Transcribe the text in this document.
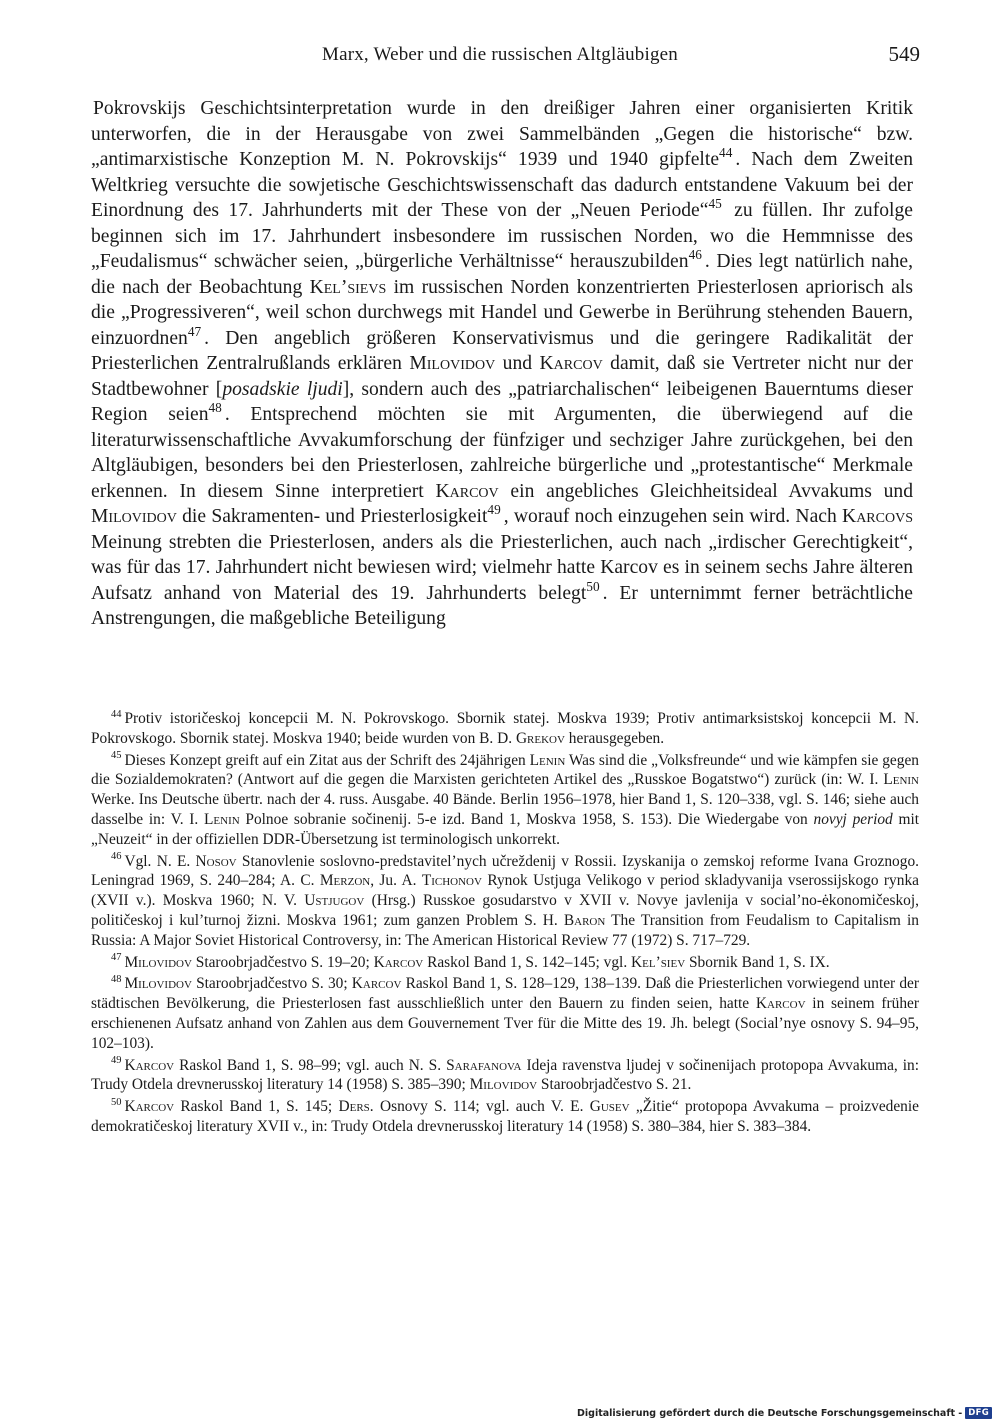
Marx, Weber und die russischen Altgläubigen	549

Pokrovskijs Geschichtsinterpretation wurde in den dreißiger Jahren einer organisierten Kritik unterworfen, die in der Herausgabe von zwei Sammelbänden „Gegen die historische“ bzw. „antimarxistische Konzeption M. N. Pokrovskijs“ 1939 und 1940 gipfelte$^{44}$ . Nach dem Zweiten Weltkrieg versuchte die sowjetische Geschichtswissenschaft das dadurch entstandene Vakuum bei der Einordnung des 17. Jahrhunderts mit der These von der „Neuen Periode“$^{45}$ zu füllen. Ihr zufolge beginnen sich im 17. Jahrhundert insbesondere im russischen Norden, wo die Hemmnisse des „Feudalismus“ schwächer seien, „bürgerliche Verhältnisse“ herauszubilden$^{46}$ . Dies legt natürlich nahe, die nach der Beobachtung Kel’sievs im russischen Norden konzentrierten Priesterlosen apriorisch als die „Progressiveren“, weil schon durchwegs mit Handel und Gewerbe in Berührung stehenden Bauern, einzuordnen$^{47}$ . Den angeblich größeren Konservativismus und die geringere Radikalität der Priesterlichen Zentralrußlands erklären Milovidov und Karcov damit, daß sie Vertreter nicht nur der Stadtbewohner [posadskie ljudi], sondern auch des „patriarchalischen“ leibeigenen Bauerntums dieser Region seien$^{48}$ . Entsprechend möchten sie mit Argumenten, die überwiegend auf die literaturwissenschaftliche Avvakumforschung der fünfziger und sechziger Jahre zurückgehen, bei den Altgläubigen, besonders bei den Priesterlosen, zahlreiche bürgerliche und „protestantische“ Merkmale erkennen. In diesem Sinne interpretiert Karcov ein angebliches Gleichheitsideal Avvakums und Milovidov die Sakramenten- und Priesterlosigkeit$^{49}$ , worauf noch einzugehen sein wird. Nach Karcovs Meinung strebten die Priesterlosen, anders als die Priesterlichen, auch nach „irdischer Gerechtigkeit“, was für das 17. Jahrhundert nicht bewiesen wird; vielmehr hatte Karcov es in seinem sechs Jahre älteren Aufsatz anhand von Material des 19. Jahrhunderts belegt$^{50}$ . Er unternimmt ferner beträchtliche Anstrengungen, die maßgebliche Beteiligung

$^{44}$ Protiv istoričeskoj koncepcii M. N. Pokrovskogo. Sbornik statej. Moskva 1939; Protiv antimarksistskoj koncepcii M. N. Pokrovskogo. Sbornik statej. Moskva 1940; beide wurden von B. D. Grekov herausgegeben.

$^{45}$ Dieses Konzept greift auf ein Zitat aus der Schrift des 24jährigen Lenin Was sind die „Volksfreunde“ und wie kämpfen sie gegen die Sozialdemokraten? (Antwort auf die gegen die Marxisten gerichteten Artikel des „Russkoe Bogatstwo“) zurück (in: W. I. Lenin Werke. Ins Deutsche übertr. nach der 4. russ. Ausgabe. 40 Bände. Berlin 1956–1978, hier Band 1, S. 120–338, vgl. S. 146; siehe auch dasselbe in: V. I. Lenin Polnoe sobranie sočinenij. 5-e izd. Band 1, Moskva 1958, S. 153). Die Wiedergabe von novyj period mit „Neuzeit“ in der offiziellen DDR-Übersetzung ist terminologisch unkorrekt.

$^{46}$ Vgl. N. E. Nosov Stanovlenie soslovno-predstavitel’nych učreždenij v Rossii. Izyskanija o zemskoj reforme Ivana Groznogo. Leningrad 1969, S. 240–284; A. C. Merzon, Ju. A. Tichonov Rynok Ustjuga Velikogo v period skladyvanija vserossijskogo rynka (XVII v.). Moskva 1960; N. V. Ustjugov (Hrsg.) Russkoe gosudarstvo v XVII v. Novye javlenija v social’no-ėkonomičeskoj, političeskoj i kul’turnoj žizni. Moskva 1961; zum ganzen Problem S. H. Baron The Transition from Feudalism to Capitalism in Russia: A Major Soviet Historical Controversy, in: The American Historical Review 77 (1972) S. 717–729.

$^{47}$ Milovidov Staroobrjadčestvo S. 19–20; Karcov Raskol Band 1, S. 142–145; vgl. Kel’siev Sbornik Band 1, S. IX.

$^{48}$ Milovidov Staroobrjadčestvo S. 30; Karcov Raskol Band 1, S. 128–129, 138–139. Daß die Priesterlichen vorwiegend unter der städtischen Bevölkerung, die Priesterlosen fast ausschließlich unter den Bauern zu finden seien, hatte Karcov in seinem früher erschienenen Aufsatz anhand von Zahlen aus dem Gouvernement Tver für die Mitte des 19. Jh. belegt (Social’nye osnovy S. 94–95, 102–103).

$^{49}$ Karcov Raskol Band 1, S. 98–99; vgl. auch N. S. Sarafanova Ideja ravenstva ljudej v sočinenijach protopopa Avvakuma, in: Trudy Otdela drevnerusskoj literatury 14 (1958) S. 385–390; Milovidov Staroobrjadčestvo S. 21.

$^{50}$ Karcov Raskol Band 1, S. 145; Ders. Osnovy S. 114; vgl. auch V. E. Gusev „Žitie“ protopopa Avvakuma – proizvedenie demokratičeskoj literatury XVII v., in: Trudy Otdela drevnerusskoj literatury 14 (1958) S. 380–384, hier S. 383–384.

Digitalisierung gefördert durch die Deutsche Forschungsgemeinschaft - DFG
